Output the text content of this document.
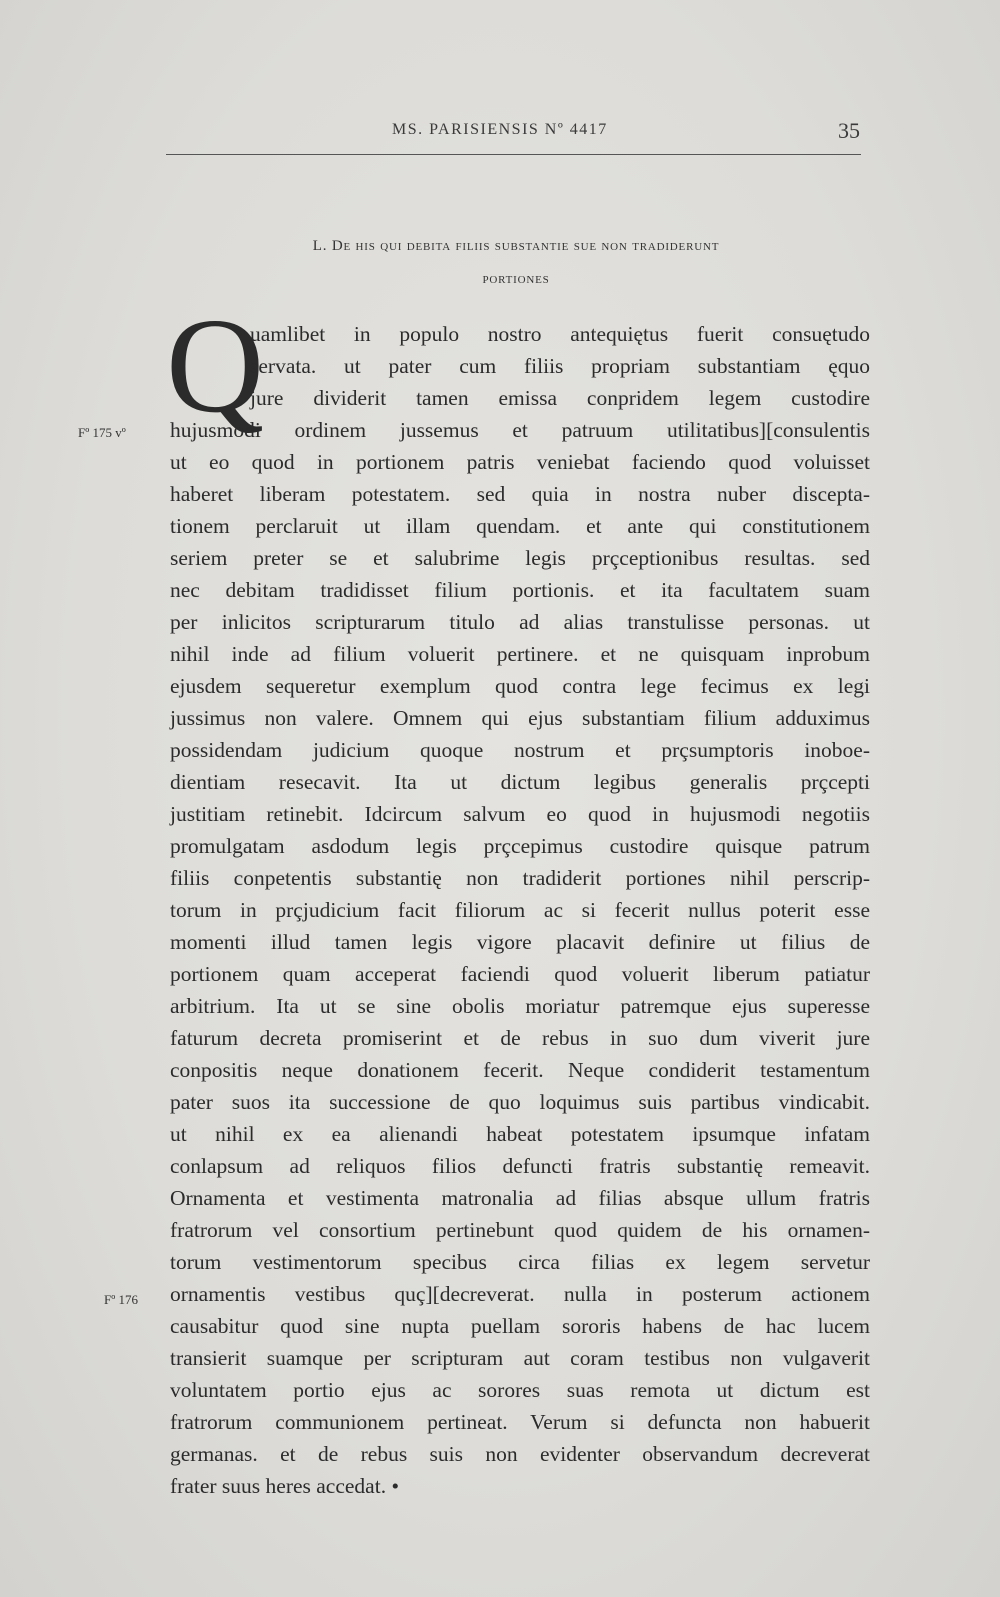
MS. PARISIENSIS Nº 4417	35
L. De his qui debita filiis substantie sue non tradiderunt
portiones
Q
Fº 175 vº
Fº 176
uamlibet in populo nostro antequiętus fuerit consuętudo
servata. ut pater cum filiis propriam substantiam ęquo
jure dividerit tamen emissa conpridem legem custodire
hujusmodi ordinem jussemus et patruum utilitatibus][consulentis
ut eo quod in portionem patris veniebat faciendo quod voluisset
haberet liberam potestatem. sed quia in nostra nuber discepta-
tionem perclaruit ut illam quendam. et ante qui constitutionem
seriem preter se et salubrime legis prçceptionibus resultas. sed
nec debitam tradidisset filium portionis. et ita facultatem suam
per inlicitos scripturarum titulo ad alias transtulisse personas. ut
nihil inde ad filium voluerit pertinere. et ne quisquam inprobum
ejusdem sequeretur exemplum quod contra lege fecimus ex legi
jussimus non valere. Omnem qui ejus substantiam filium adduximus
possidendam judicium quoque nostrum et prçsumptoris inoboe-
dientiam resecavit. Ita ut dictum legibus generalis prçcepti
justitiam retinebit. Idcircum salvum eo quod in hujusmodi negotiis
promulgatam asdodum legis prçcepimus custodire quisque patrum
filiis conpetentis substantię non tradiderit portiones nihil perscrip-
torum in prçjudicium facit filiorum ac si fecerit nullus poterit esse
momenti illud tamen legis vigore placavit definire ut filius de
portionem quam acceperat faciendi quod voluerit liberum patiatur
arbitrium. Ita ut se sine obolis moriatur patremque ejus superesse
faturum decreta promiserint et de rebus in suo dum viverit jure
conpositis neque donationem fecerit. Neque condiderit testamentum
pater suos ita successione de quo loquimus suis partibus vindicabit.
ut nihil ex ea alienandi habeat potestatem ipsumque infatam
conlapsum ad reliquos filios defuncti fratris substantię remeavit.
Ornamenta et vestimenta matronalia ad filias absque ullum fratris
fratrorum vel consortium pertinebunt quod quidem de his ornamen-
torum vestimentorum specibus circa filias ex legem servetur
ornamentis vestibus quç][decreverat. nulla in posterum actionem
causabitur quod sine nupta puellam sororis habens de hac lucem
transierit suamque per scripturam aut coram testibus non vulgaverit
voluntatem portio ejus ac sorores suas remota ut dictum est
fratrorum communionem pertineat. Verum si defuncta non habuerit
germanas. et de rebus suis non evidenter observandum decreverat
frater suus heres accedat. •
